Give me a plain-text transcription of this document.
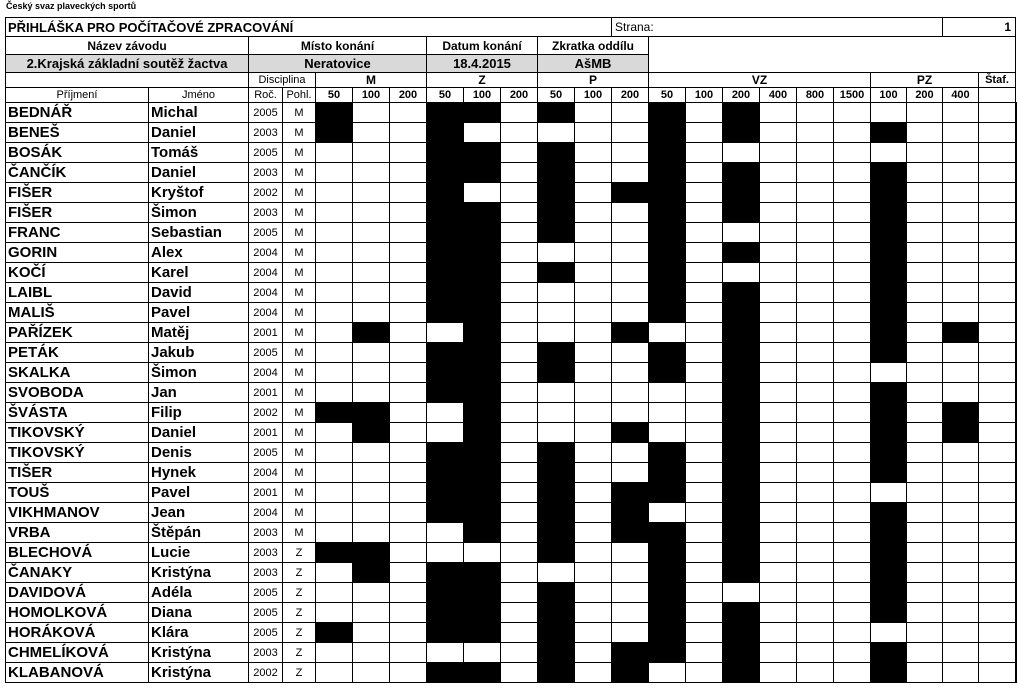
Český svaz plaveckých sportů
PŘIHLÁŠKA PRO POČÍTAČOVÉ ZPRACOVÁNÍ												Strana:									1		
Název závodu		Místo konání					Datum konání			Zkratka oddílu													
2.Krajská základní soutěž žactva		Neratovice					18.4.2015			AšMB													
		Disciplina		M			Z			P			VZ						PZ			Štaf.	
Příjmení	Jméno	Roč.	Pohl.	50	100	200	50	100	200	50	100	200	50	100	200	400	800	1500	100	200	400		
BEDNÁŘ	Michal	2005	M																				
BENEŠ	Daniel	2003	M																				
BOSÁK	Tomáš	2005	M																				
ČANČÍK	Daniel	2003	M																				
FIŠER	Kryštof	2002	M																				
FIŠER	Šimon	2003	M																				
FRANC	Sebastian	2005	M																				
GORIN	Alex	2004	M																				
KOČÍ	Karel	2004	M																				
LAIBL	David	2004	M																				
MALIŠ	Pavel	2004	M																				
PAŘÍZEK	Matěj	2001	M																				
PETÁK	Jakub	2005	M																				
SKALKA	Šimon	2004	M																				
SVOBODA	Jan	2001	M																				
ŠVÁSTA	Filip	2002	M																				
TIKOVSKÝ	Daniel	2001	M																				
TIKOVSKÝ	Denis	2005	M																				
TIŠER	Hynek	2004	M																				
TOUŠ	Pavel	2001	M																				
VIKHMANOV	Jean	2004	M																				
VRBA	Štěpán	2003	M																				
BLECHOVÁ	Lucie	2003	Z																				
ČANAKY	Kristýna	2003	Z																				
DAVIDOVÁ	Adéla	2005	Z																				
HOMOLKOVÁ	Diana	2005	Z																				
HORÁKOVÁ	Klára	2005	Z																				
CHMELÍKOVÁ	Kristýna	2003	Z																				
KLABANOVÁ	Kristýna	2002	Z																				
